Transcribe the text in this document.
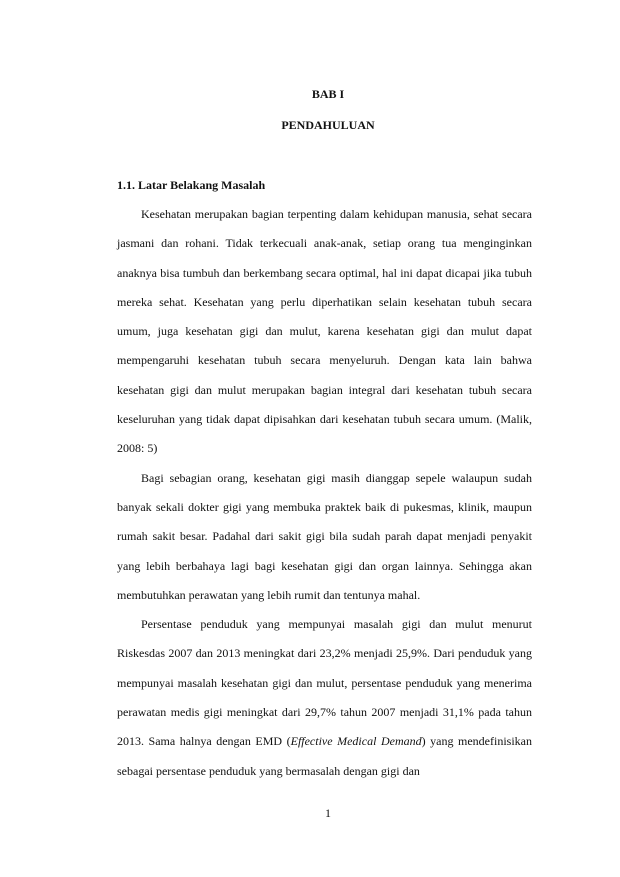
BAB I
PENDAHULUAN
1.1. Latar Belakang Masalah

Kesehatan merupakan bagian terpenting dalam kehidupan manusia, sehat secara jasmani dan rohani. Tidak terkecuali anak-anak, setiap orang tua menginginkan anaknya bisa tumbuh dan berkembang secara optimal, hal ini dapat dicapai jika tubuh mereka sehat. Kesehatan yang perlu diperhatikan selain kesehatan tubuh secara umum, juga kesehatan gigi dan mulut, karena kesehatan gigi dan mulut dapat mempengaruhi kesehatan tubuh secara menyeluruh. Dengan kata lain bahwa kesehatan gigi dan mulut merupakan bagian integral dari kesehatan tubuh secara keseluruhan yang tidak dapat dipisahkan dari kesehatan tubuh secara umum. (Malik, 2008: 5)

Bagi sebagian orang, kesehatan gigi masih dianggap sepele walaupun sudah banyak sekali dokter gigi yang membuka praktek baik di pukesmas, klinik, maupun rumah sakit besar. Padahal dari sakit gigi bila sudah parah dapat menjadi penyakit yang lebih berbahaya lagi bagi kesehatan gigi dan organ lainnya. Sehingga akan membutuhkan perawatan yang lebih rumit dan tentunya mahal.

Persentase penduduk yang mempunyai masalah gigi dan mulut menurut Riskesdas 2007 dan 2013 meningkat dari 23,2% menjadi 25,9%. Dari penduduk yang mempunyai masalah kesehatan gigi dan mulut, persentase penduduk yang menerima perawatan medis gigi meningkat dari 29,7% tahun 2007 menjadi 31,1% pada tahun 2013. Sama halnya dengan EMD (Effective Medical Demand) yang mendefinisikan sebagai persentase penduduk yang bermasalah dengan gigi dan

1
